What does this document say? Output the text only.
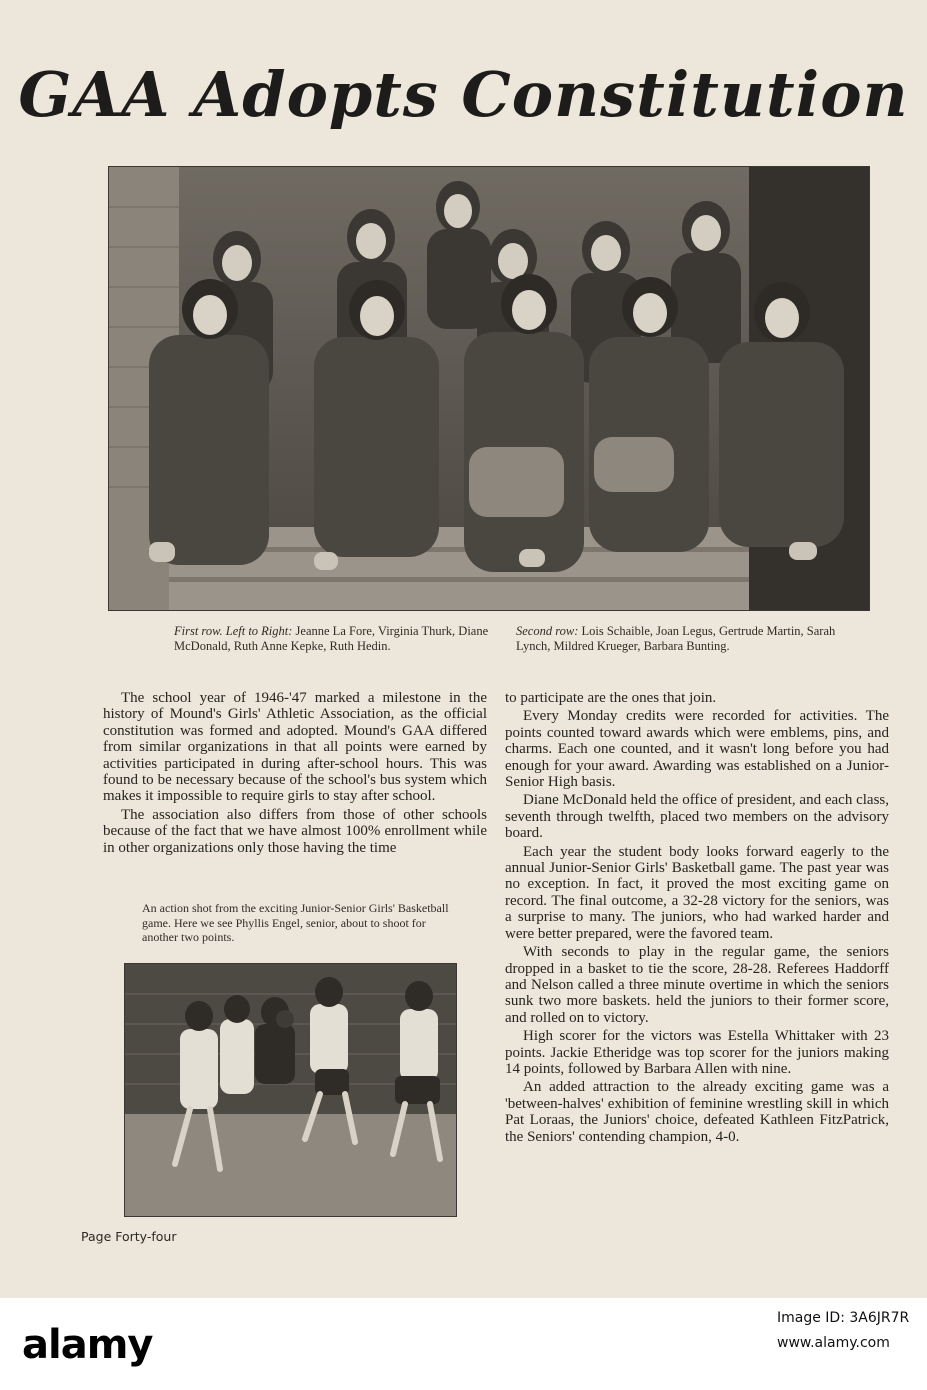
GAA Adopts Constitution

First row. Left to Right: Jeanne La Fore, Virginia Thurk, Diane McDonald, Ruth Anne Kepke, Ruth Hedin.

Second row: Lois Schaible, Joan Legus, Gertrude Martin, Sarah Lynch, Mildred Krueger, Barbara Bunting.

The school year of 1946-'47 marked a milestone in the history of Mound's Girls' Athletic Association, as the official constitution was formed and adopted. Mound's GAA differed from similar organizations in that all points were earned by activities participated in during after-school hours. This was found to be necessary because of the school's bus system which makes it impossible to require girls to stay after school.

The association also differs from those of other schools because of the fact that we have almost 100% enrollment while in other organizations only those having the time

An action shot from the exciting Junior-Senior Girls' Basketball game. Here we see Phyllis Engel, senior, about to shoot for another two points.

to participate are the ones that join.

Every Monday credits were recorded for activities. The points counted toward awards which were emblems, pins, and charms. Each one counted, and it wasn't long before you had enough for your award. Awarding was established on a Junior-Senior High basis.

Diane McDonald held the office of president, and each class, seventh through twelfth, placed two members on the advisory board.

Each year the student body looks forward eagerly to the annual Junior-Senior Girls' Basketball game. The past year was no exception. In fact, it proved the most exciting game on record. The final outcome, a 32-28 victory for the seniors, was a surprise to many. The juniors, who had warked harder and were better prepared, were the favored team.

With seconds to play in the regular game, the seniors dropped in a basket to tie the score, 28-28. Referees Haddorff and Nelson called a three minute overtime in which the seniors sunk two more baskets. held the juniors to their former score, and rolled on to victory.

High scorer for the victors was Estella Whittaker with 23 points. Jackie Etheridge was top scorer for the juniors making 14 points, followed by Barbara Allen with nine.

An added attraction to the already exciting game was a 'between-halves' exhibition of feminine wrestling skill in which Pat Loraas, the Juniors' choice, defeated Kathleen FitzPatrick, the Seniors' contending champion, 4-0.

Page Forty-four
alamy
Image ID: 3A6JR7R
www.alamy.com
